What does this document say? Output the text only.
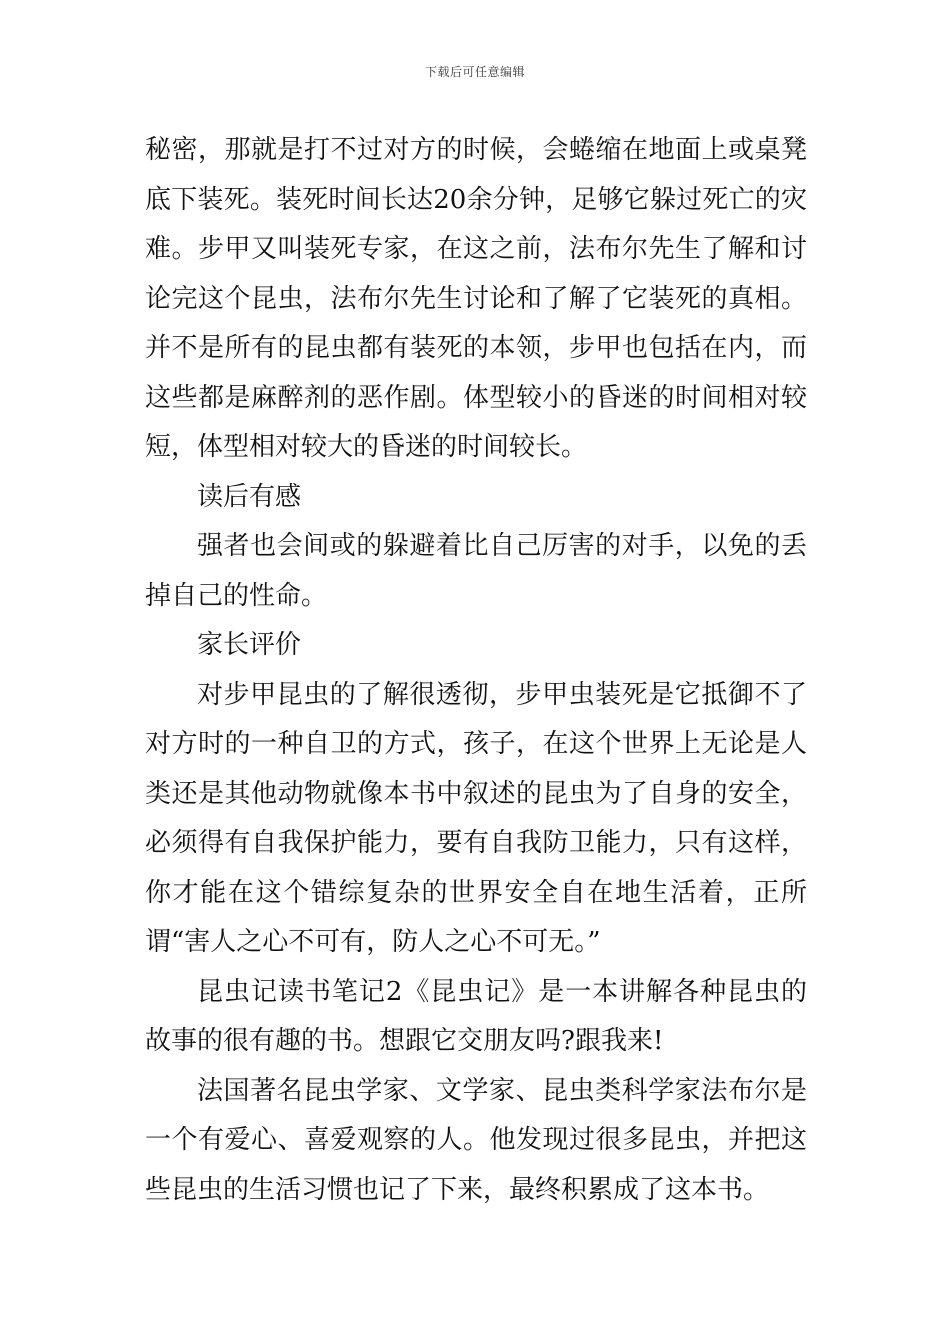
下载后可任意编辑

秘密，那就是打不过对方的时候，会蜷缩在地面上或桌凳底下装死。装死时间长达20余分钟，足够它躲过死亡的灾难。步甲又叫装死专家，在这之前，法布尔先生了解和讨论完这个昆虫，法布尔先生讨论和了解了它装死的真相。并不是所有的昆虫都有装死的本领，步甲也包括在内，而这些都是麻醉剂的恶作剧。体型较小的昏迷的时间相对较短，体型相对较大的昏迷的时间较长。

读后有感

强者也会间或的躲避着比自己厉害的对手，以免的丢掉自己的性命。

家长评价

对步甲昆虫的了解很透彻，步甲虫装死是它抵御不了对方时的一种自卫的方式，孩子，在这个世界上无论是人类还是其他动物就像本书中叙述的昆虫为了自身的安全，必须得有自我保护能力，要有自我防卫能力，只有这样，你才能在这个错综复杂的世界安全自在地生活着，正所谓“害人之心不可有，防人之心不可无。”

昆虫记读书笔记2《昆虫记》是一本讲解各种昆虫的故事的很有趣的书。想跟它交朋友吗?跟我来!

法国著名昆虫学家、文学家、昆虫类科学家法布尔是一个有爱心、喜爱观察的人。他发现过很多昆虫，并把这些昆虫的生活习惯也记了下来，最终积累成了这本书。
